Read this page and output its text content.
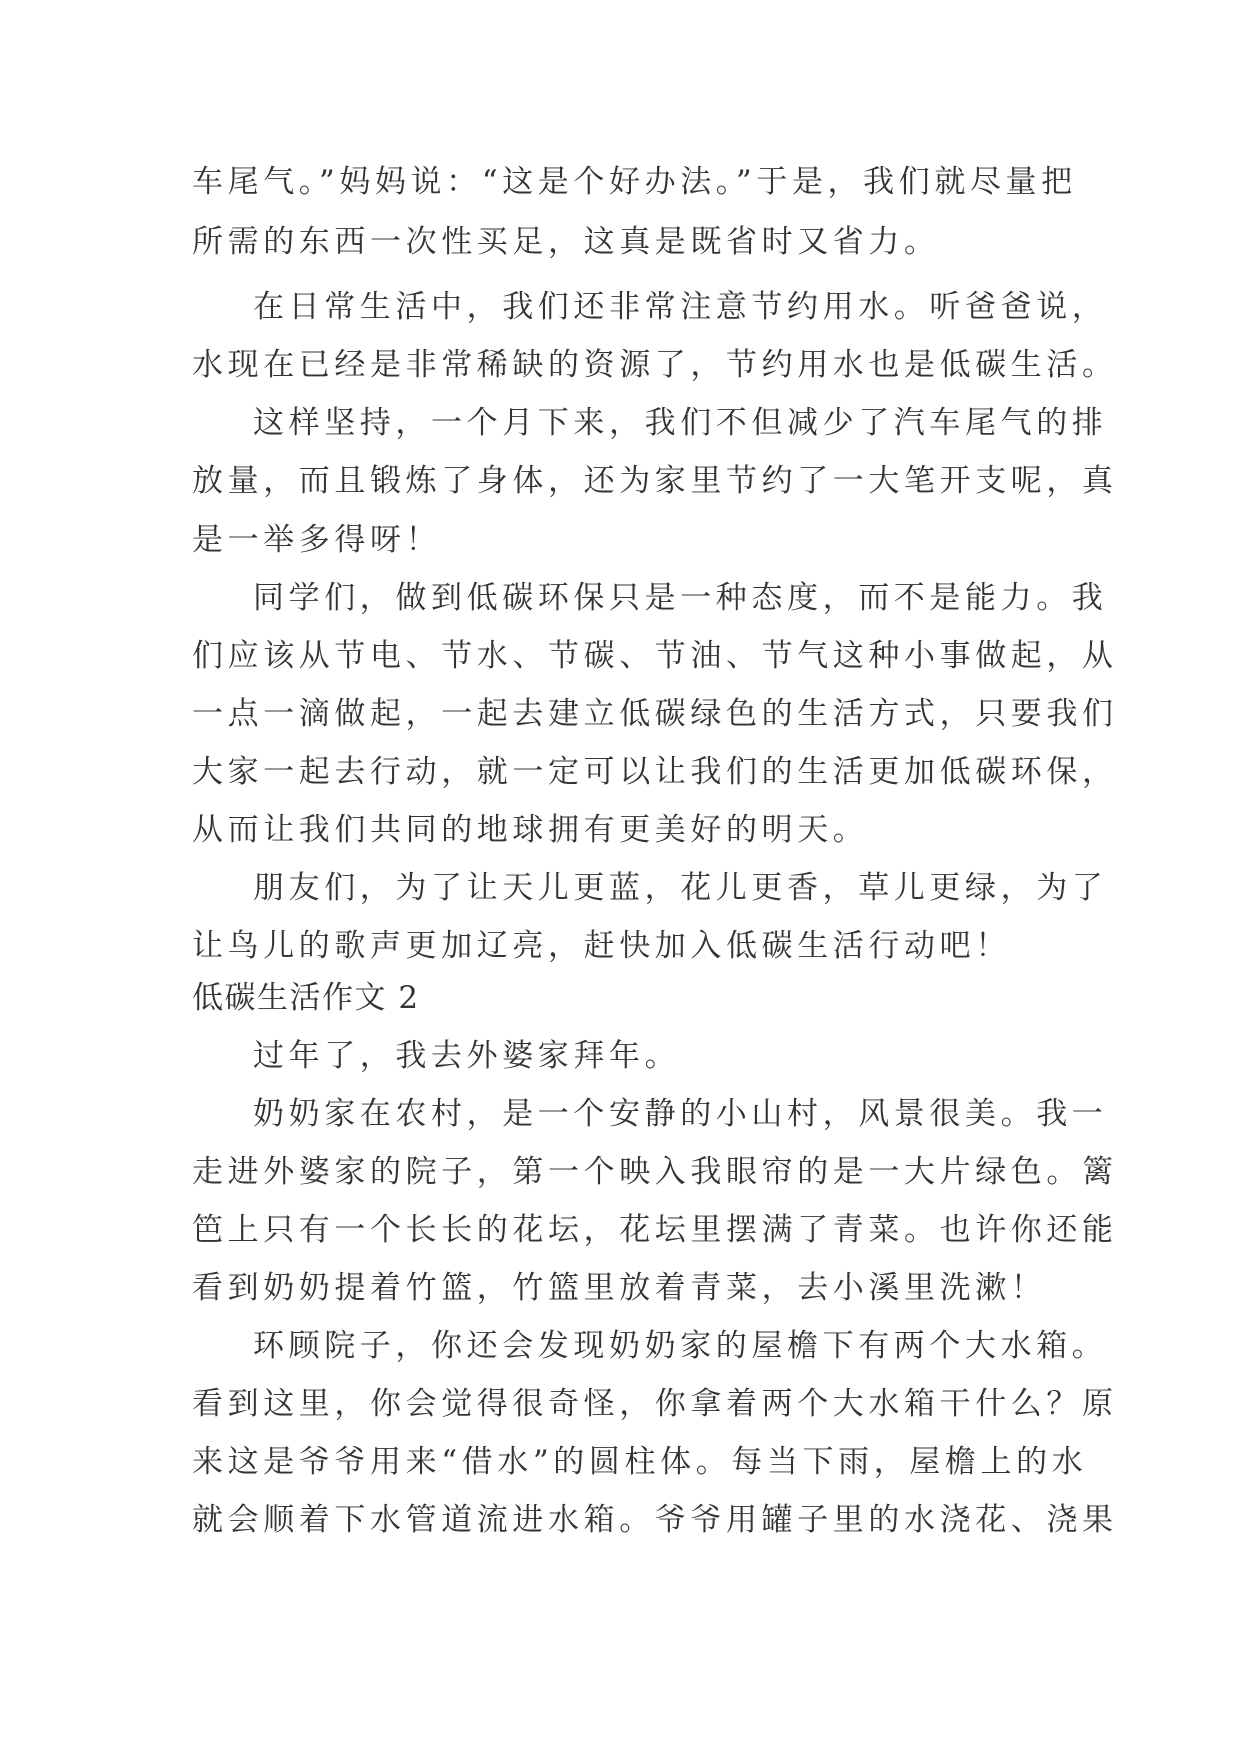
车尾气。”妈妈说：“这是个好办法。”于是，我们就尽量把
所需的东西一次性买足，这真是既省时又省力。
在日常生活中，我们还非常注意节约用水。听爸爸说，
水现在已经是非常稀缺的资源了，节约用水也是低碳生活。
这样坚持，一个月下来，我们不但减少了汽车尾气的排
放量，而且锻炼了身体，还为家里节约了一大笔开支呢，真
是一举多得呀！
同学们，做到低碳环保只是一种态度，而不是能力。我
们应该从节电、节水、节碳、节油、节气这种小事做起，从
一点一滴做起，一起去建立低碳绿色的生活方式，只要我们
大家一起去行动，就一定可以让我们的生活更加低碳环保，
从而让我们共同的地球拥有更美好的明天。
朋友们，为了让天儿更蓝，花儿更香，草儿更绿，为了
让鸟儿的歌声更加辽亮，赶快加入低碳生活行动吧！
低碳生活作文 2
过年了，我去外婆家拜年。
奶奶家在农村，是一个安静的小山村，风景很美。我一
走进外婆家的院子，第一个映入我眼帘的是一大片绿色。篱
笆上只有一个长长的花坛，花坛里摆满了青菜。也许你还能
看到奶奶提着竹篮，竹篮里放着青菜，去小溪里洗漱！
环顾院子，你还会发现奶奶家的屋檐下有两个大水箱。
看到这里，你会觉得很奇怪，你拿着两个大水箱干什么？原
来这是爷爷用来“借水”的圆柱体。每当下雨，屋檐上的水
就会顺着下水管道流进水箱。爷爷用罐子里的水浇花、浇果
